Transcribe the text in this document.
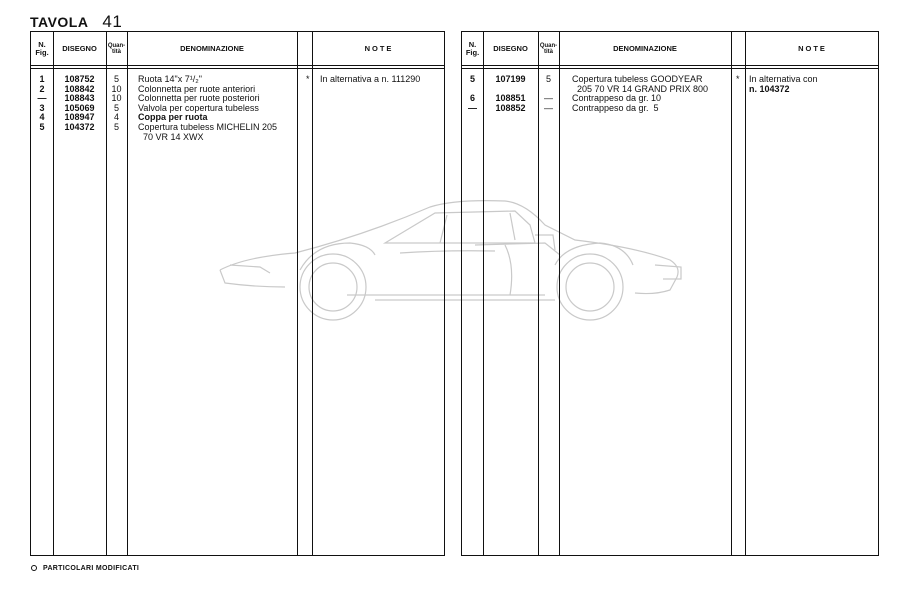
TAVOLA 41
N. Fig.	DISEGNO	Quan-tità	DENOMINAZIONE	NOTE
1	108752	5	Ruota 14"x 7¹/₂"	* In alternativa a n. 111290
2	108842	10	Colonnetta per ruote anteriori
—	108843	10	Colonnetta per ruote posteriori
3	105069	5	Valvola per copertura tubeless
4	108947	4	Coppa per ruota
5	104372	5	Copertura tubeless MICHELIN 205
70 VR 14 XWX
N. Fig.	DISEGNO	Quan-tità	DENOMINAZIONE	NOTE
5	107199	5	Copertura tubeless GOODYEAR
205 70 VR 14 GRAND PRIX 800
* In alternativa con
n. 104372
6	108851	—	Contrappeso da gr. 10
—	108852	—	Contrappeso da gr.  5
PARTICOLARI MODIFICATI
